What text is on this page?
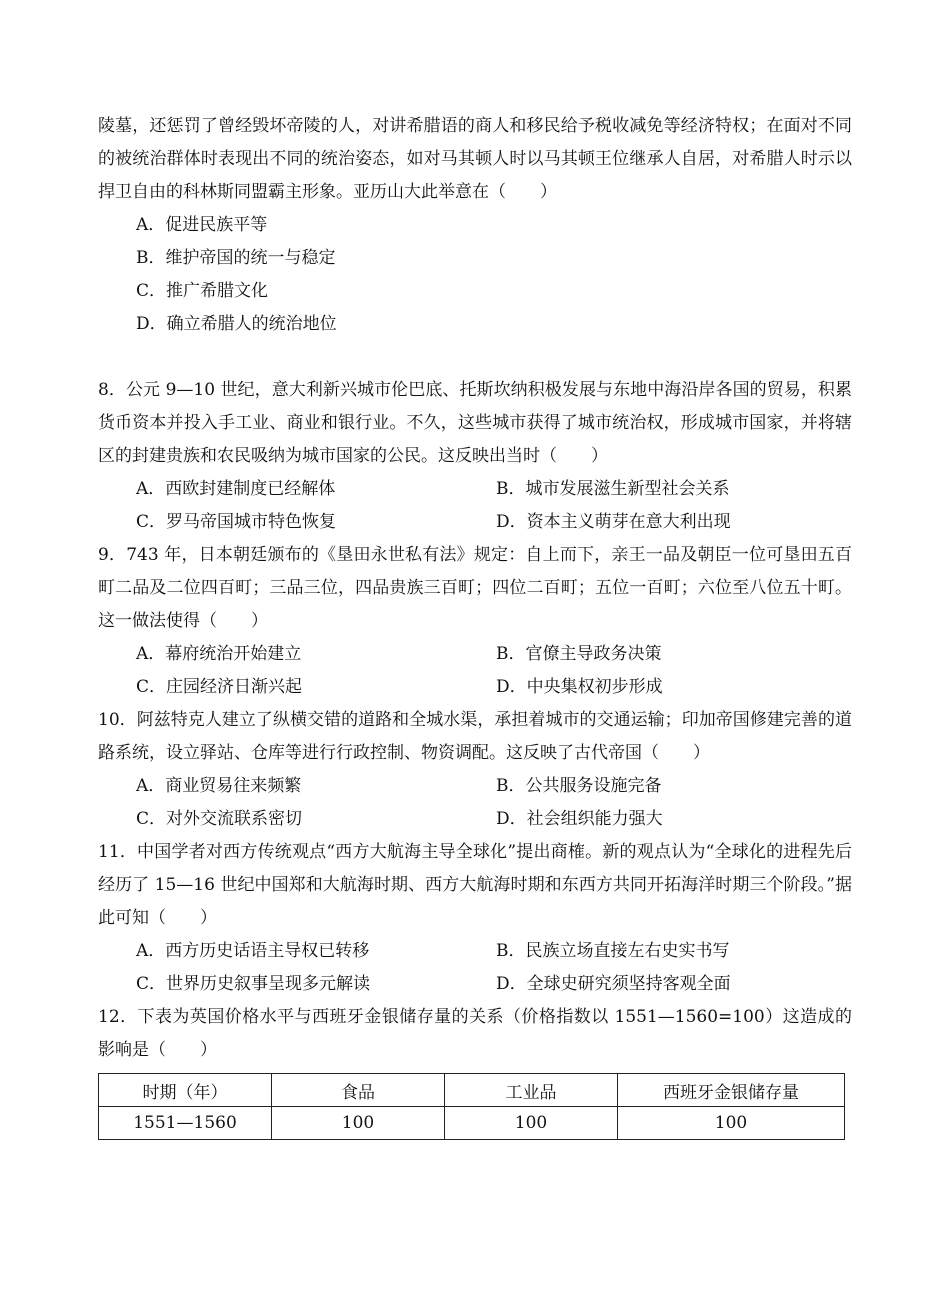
陵墓，还惩罚了曾经毁坏帝陵的人，对讲希腊语的商人和移民给予税收减免等经济特权；在面对不同的被统治群体时表现出不同的统治姿态，如对马其顿人时以马其顿王位继承人自居，对希腊人时示以捍卫自由的科林斯同盟霸主形象。亚历山大此举意在（　　）

A．促进民族平等

B．维护帝国的统一与稳定

C．推广希腊文化

D．确立希腊人的统治地位

8．公元 9—10 世纪，意大利新兴城市伦巴底、托斯坎纳积极发展与东地中海沿岸各国的贸易，积累货币资本并投入手工业、商业和银行业。不久，这些城市获得了城市统治权，形成城市国家，并将辖区的封建贵族和农民吸纳为城市国家的公民。这反映出当时（　　）

A．西欧封建制度已经解体	B．城市发展滋生新型社会关系
C．罗马帝国城市特色恢复	D．资本主义萌芽在意大利出现

9．743 年，日本朝廷颁布的《垦田永世私有法》规定：自上而下，亲王一品及朝臣一位可垦田五百町二品及二位四百町；三品三位，四品贵族三百町；四位二百町；五位一百町；六位至八位五十町。这一做法使得（　　）

A．幕府统治开始建立	B．官僚主导政务决策
C．庄园经济日渐兴起	D．中央集权初步形成

10．阿兹特克人建立了纵横交错的道路和全城水渠，承担着城市的交通运输；印加帝国修建完善的道路系统，设立驿站、仓库等进行行政控制、物资调配。这反映了古代帝国（　　）

A．商业贸易往来频繁	B．公共服务设施完备
C．对外交流联系密切	D．社会组织能力强大

11．中国学者对西方传统观点“西方大航海主导全球化”提出商榷。新的观点认为“全球化的进程先后经历了 15—16 世纪中国郑和大航海时期、西方大航海时期和东西方共同开拓海洋时期三个阶段。”据此可知（　　）

A．西方历史话语主导权已转移	B．民族立场直接左右史实书写
C．世界历史叙事呈现多元解读	D．全球史研究须坚持客观全面

12．下表为英国价格水平与西班牙金银储存量的关系（价格指数以 1551—1560=100）这造成的影响是（　　）

时期（年）	食品	工业品	西班牙金银储存量
1551—1560	100	100	100
